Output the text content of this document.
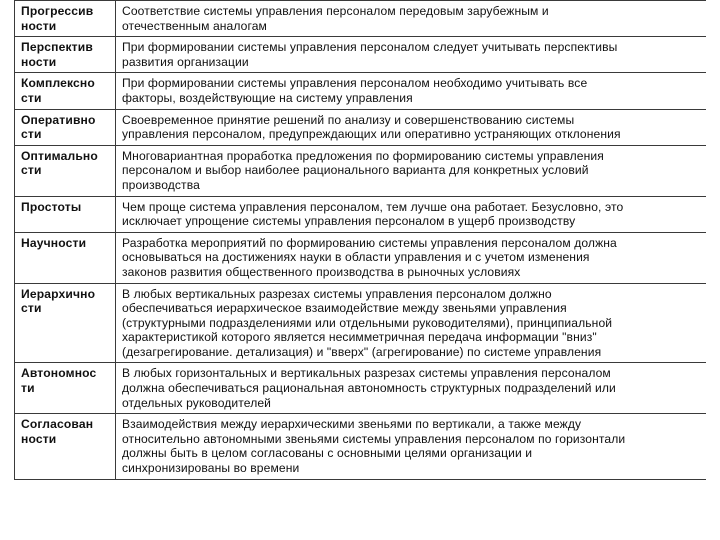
Прогрессив
ности	Соответствие системы управления персоналом передовым зарубежным и
отечественным аналогам
Перспектив
ности	При формировании системы управления персоналом следует учитывать перспективы
развития организации
Комплексно
сти	При формировании системы управления персоналом необходимо учитывать все
факторы, воздействующие на систему управления
Оперативно
сти	Своевременное принятие решений по анализу и совершенствованию системы
управления персоналом, предупреждающих или оперативно устраняющих отклонения
Оптимально
сти	Многовариантная проработка предложения по формированию системы управления
персоналом и выбор наиболее рационального варианта для конкретных условий
производства
Простоты	Чем проще система управления персоналом, тем лучше она работает. Безусловно, это
исключает упрощение системы управления персоналом в ущерб производству
Научности	Разработка мероприятий по формированию системы управления персоналом должна
основываться на достижениях науки в области управления и с учетом изменения
законов развития общественного производства в рыночных условиях
Иерархично
сти	В любых вертикальных разрезах системы управления персоналом должно
обеспечиваться иерархическое взаимодействие между звеньями управления
(структурными подразделениями или отдельными руководителями), принципиальной
характеристикой которого является несимметричная передача информации "вниз"
(дезагрегирование. детализация) и "вверх" (агрегирование) по системе управления
Автономнос
ти	В любых горизонтальных и вертикальных разрезах системы управления персоналом
должна обеспечиваться рациональная автономность структурных подразделений или
отдельных руководителей
Согласован
ности	Взаимодействия между иерархическими звеньями по вертикали, а также между
относительно автономными звеньями системы управления персоналом по горизонтали
должны быть в целом согласованы с основными целями организации и
синхронизированы во времени
